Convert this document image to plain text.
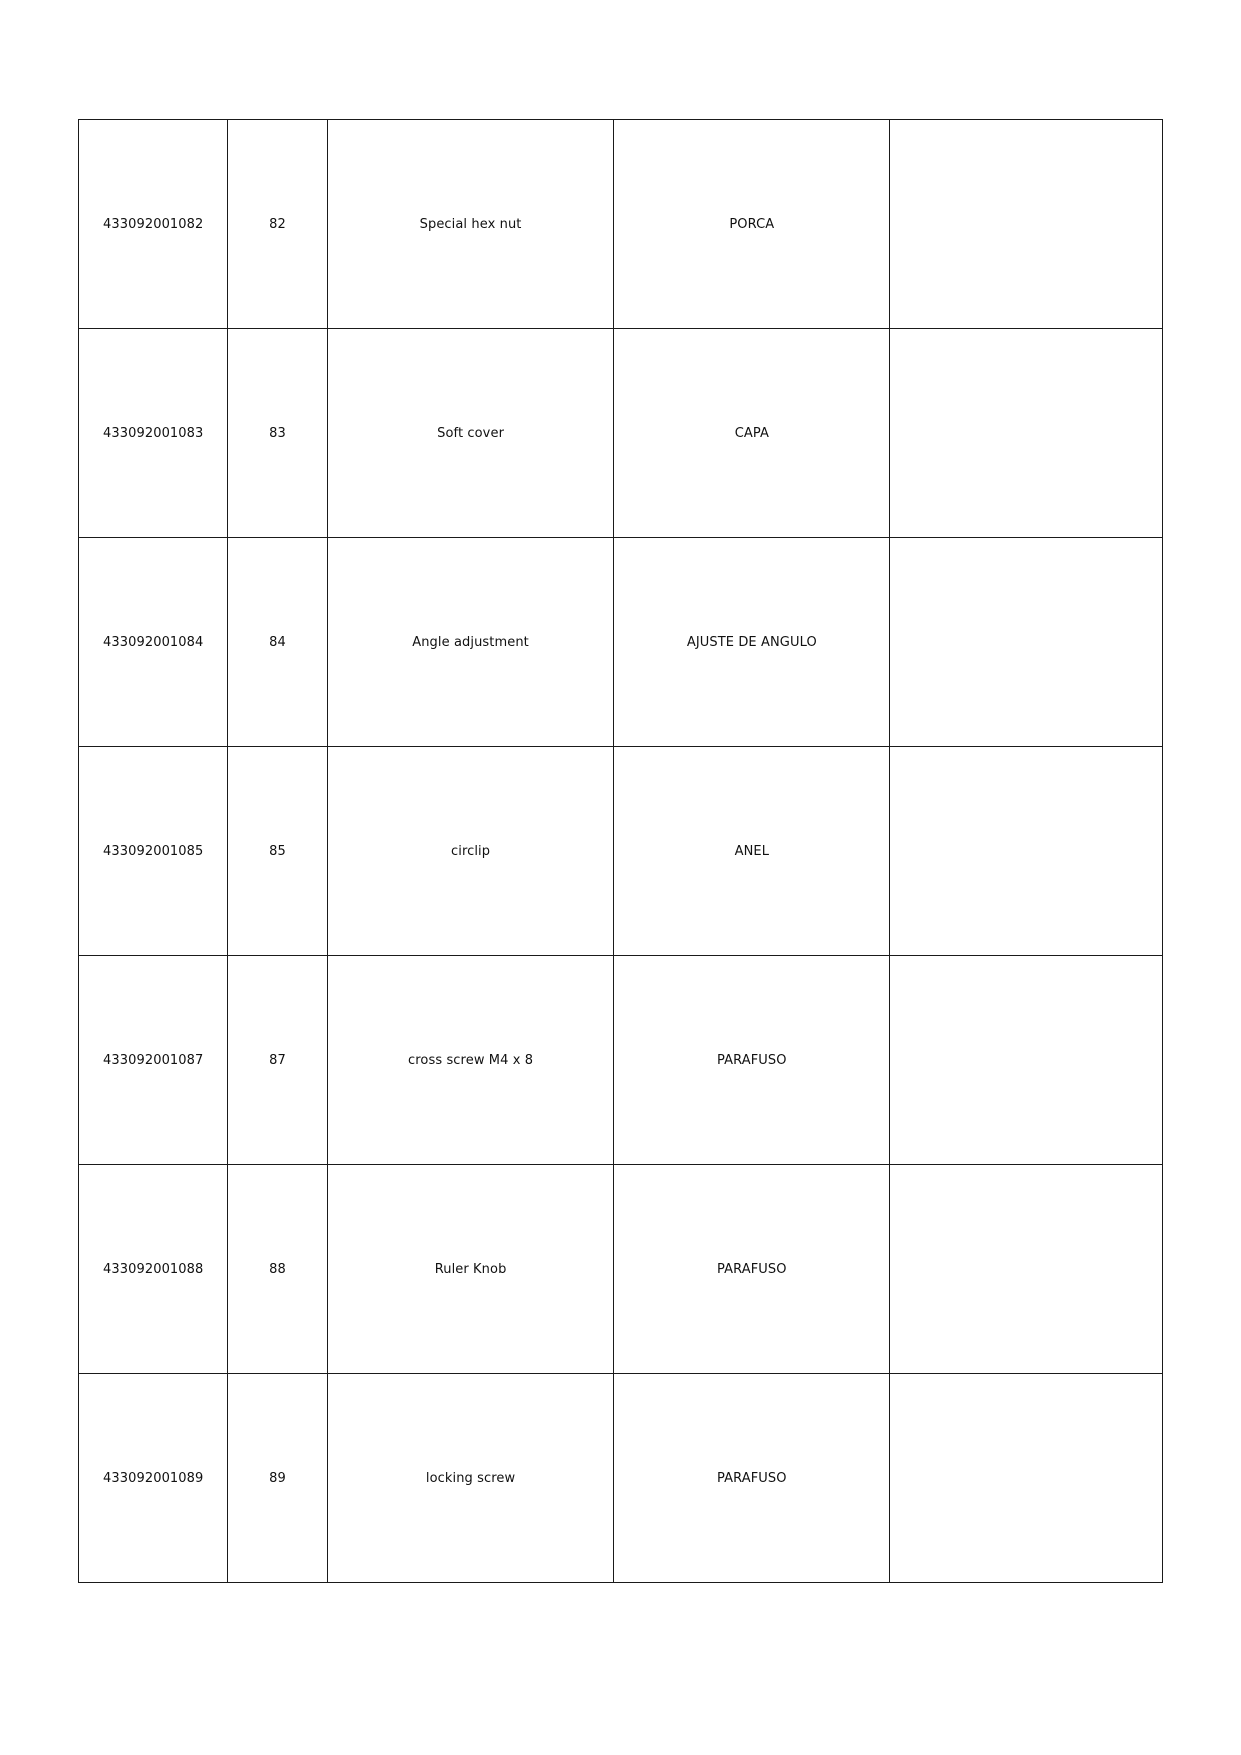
433092001082	82	Special hex nut	PORCA	
433092001083	83	Soft cover	CAPA	
433092001084	84	Angle adjustment	AJUSTE DE ANGULO	
433092001085	85	circlip	ANEL	
433092001087	87	cross screw M4 x 8	PARAFUSO	
433092001088	88	Ruler Knob	PARAFUSO	
433092001089	89	locking screw	PARAFUSO	
